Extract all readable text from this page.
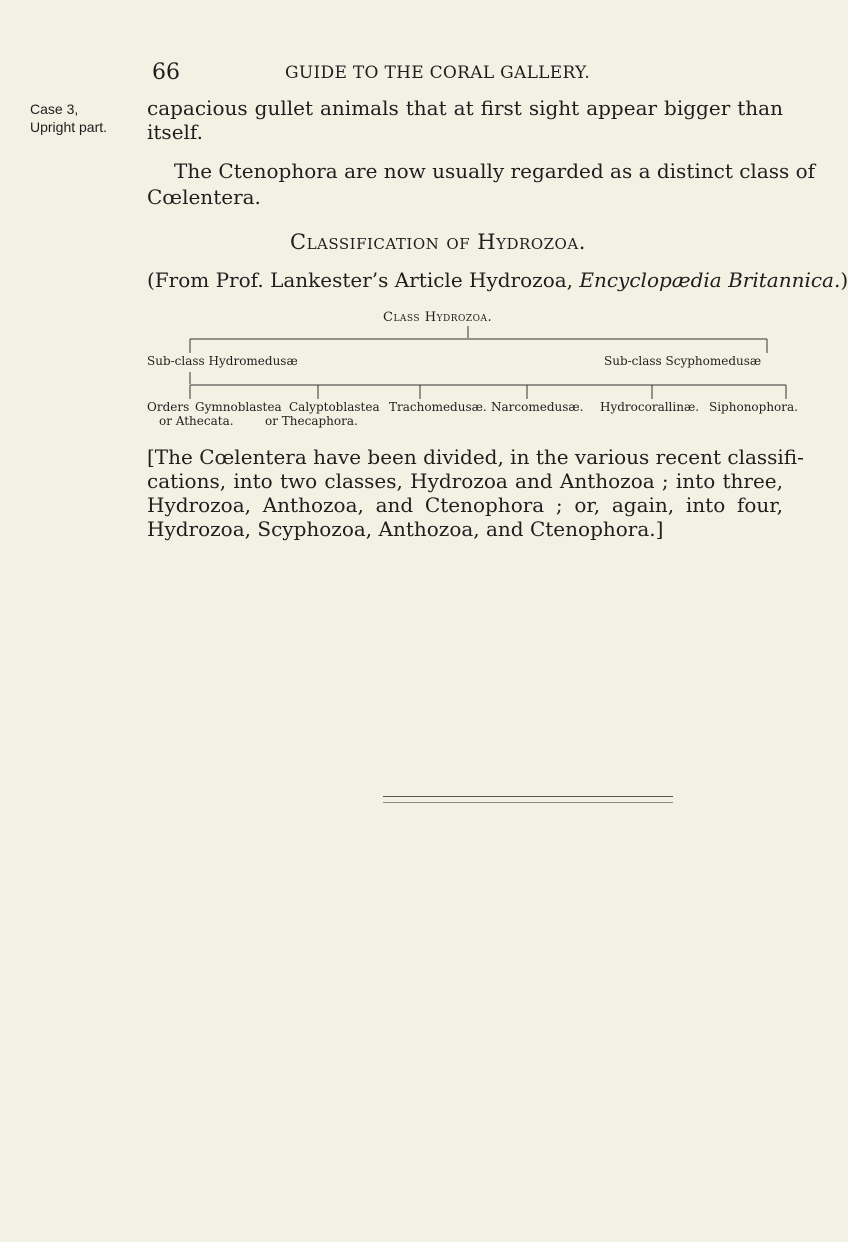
66	GUIDE TO THE CORAL GALLERY.
Case 3,
Upright part.
capacious gullet animals that at first sight appear bigger than
itself.
The Ctenophora are now usually regarded as a distinct class of
Cœlentera.
Classification of Hydrozoa.
(From Prof. Lankester’s Article Hydrozoa, Encyclopædia Britannica.)
Class Hydrozoa.
Sub-class Hydromedusæ	Sub-class Scyphomedusæ
Orders Gymnoblastea Calyptoblastea Trachomedusæ. Narcomedusæ. Hydrocorallinæ. Siphonophora.
or Athecata.	or Thecaphora.
[The Cœlentera have been divided, in the various recent classifi-
cations, into two classes, Hydrozoa and Anthozoa ; into three,
Hydrozoa, Anthozoa, and Ctenophora ; or, again, into four,
Hydrozoa, Scyphozoa, Anthozoa, and Ctenophora.]
